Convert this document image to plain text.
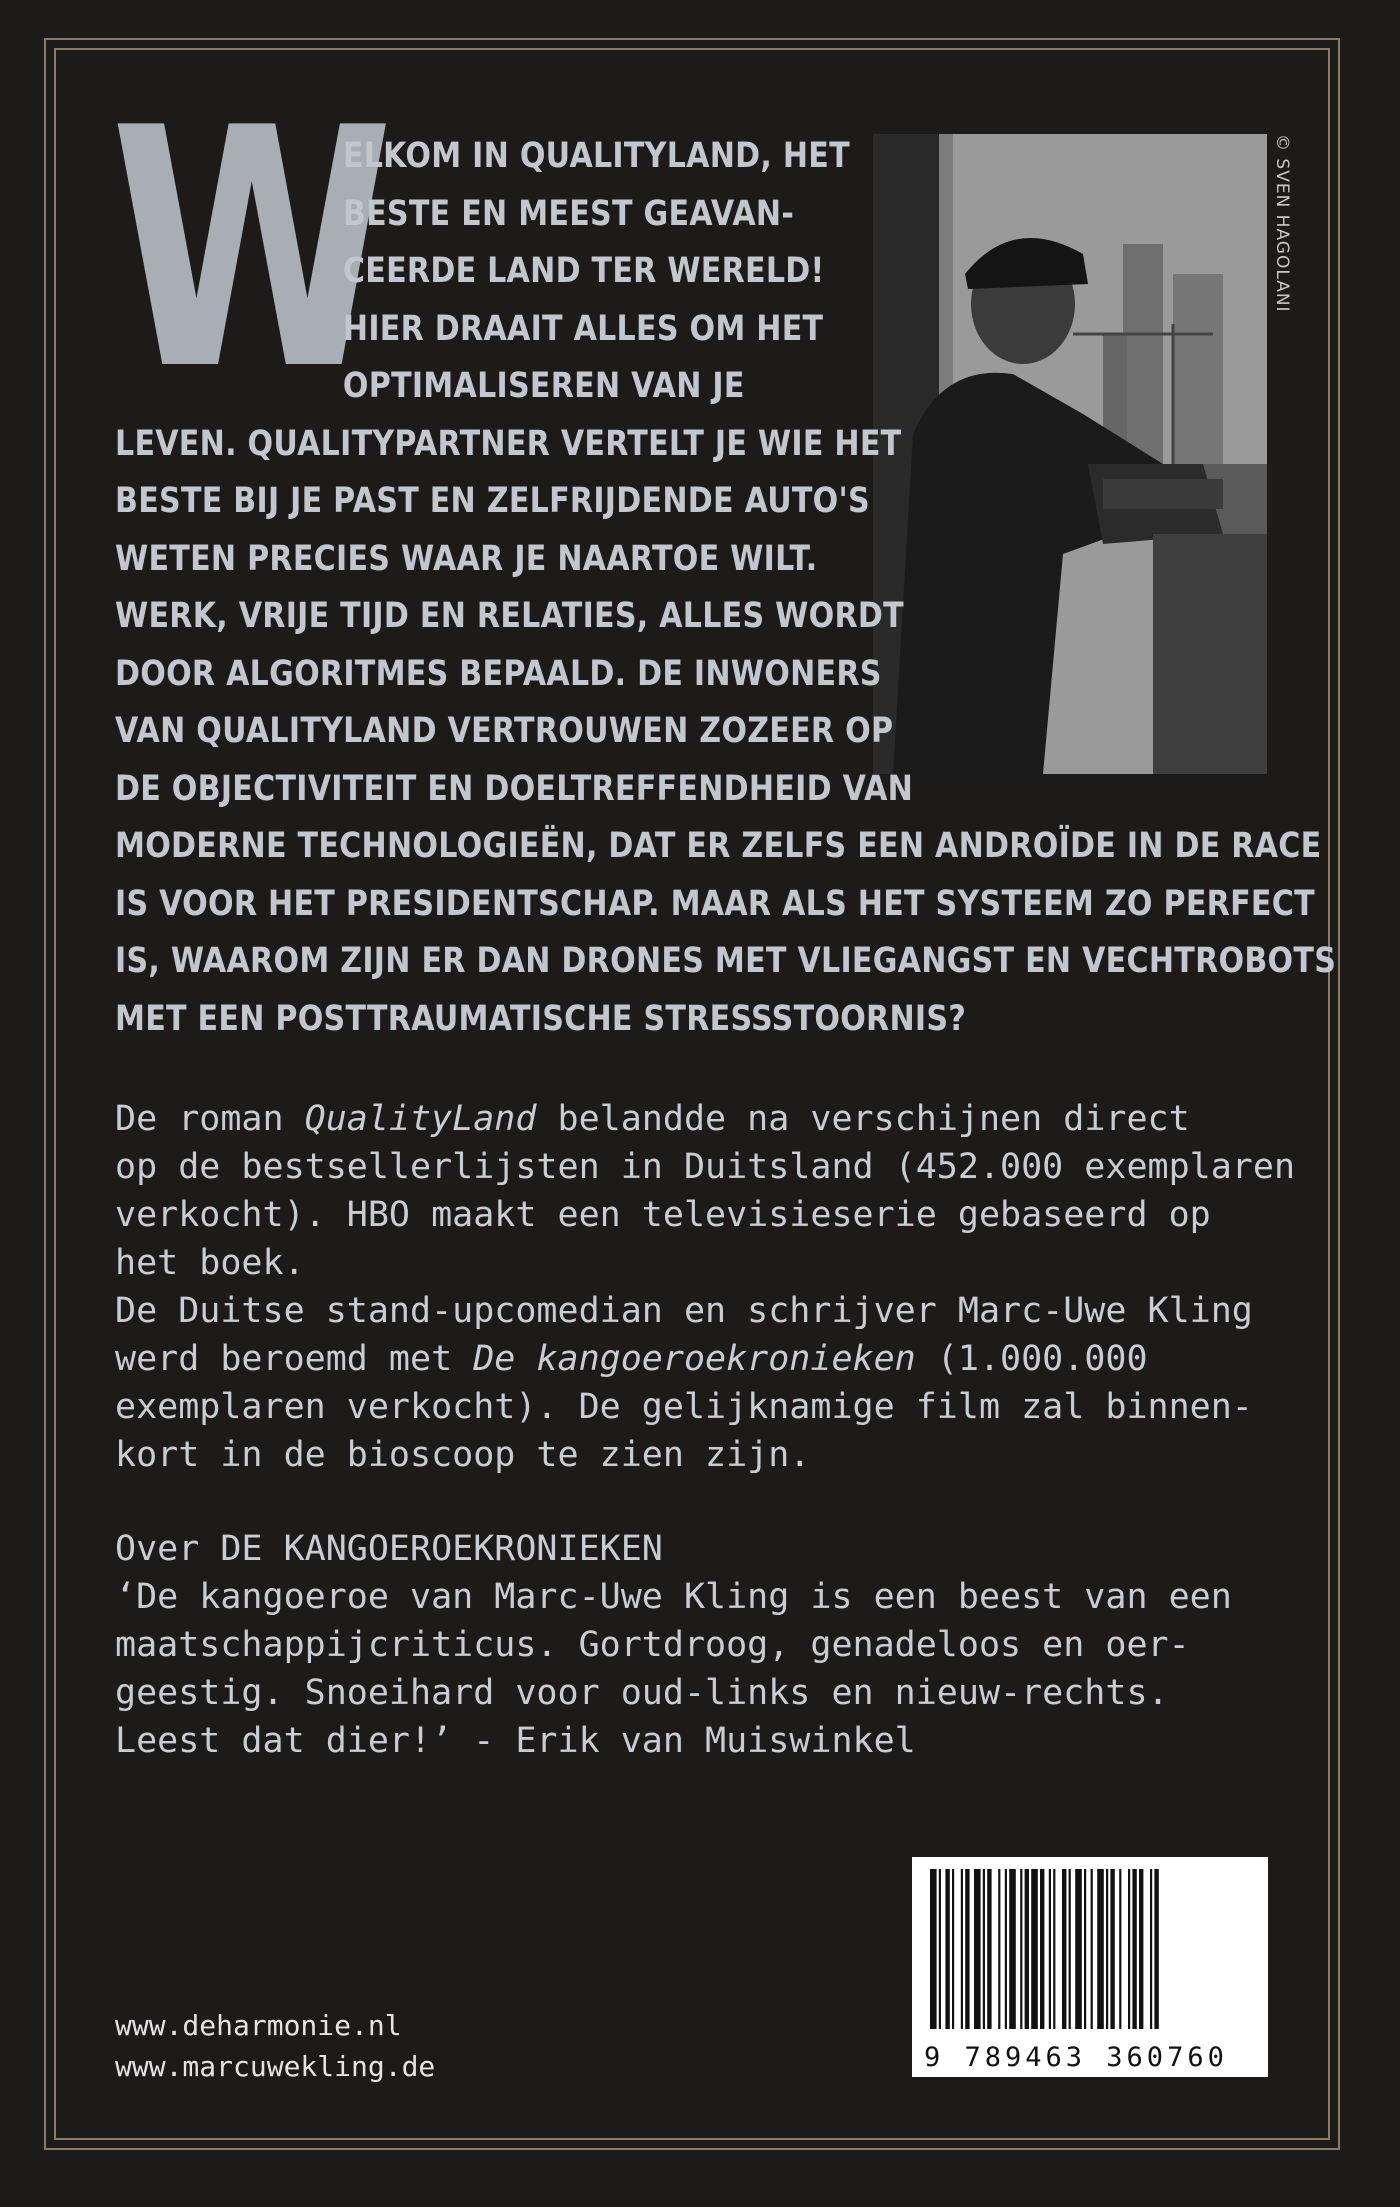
W	© SVEN HAGOLANI
ELKOM IN QUALITYLAND, HET
BESTE EN MEEST GEAVAN-
CEERDE LAND TER WERELD!
HIER DRAAIT ALLES OM HET
OPTIMALISEREN VAN JE
LEVEN. QUALITYPARTNER VERTELT JE WIE HET
BESTE BIJ JE PAST EN ZELFRIJDENDE AUTO'S
WETEN PRECIES WAAR JE NAARTOE WILT.
WERK, VRIJE TIJD EN RELATIES, ALLES WORDT
DOOR ALGORITMES BEPAALD. DE INWONERS
VAN QUALITYLAND VERTROUWEN ZOZEER OP
DE OBJECTIVITEIT EN DOELTREFFENDHEID VAN
MODERNE TECHNOLOGIEËN, DAT ER ZELFS EEN ANDROÏDE IN DE RACE
IS VOOR HET PRESIDENTSCHAP. MAAR ALS HET SYSTEEM ZO PERFECT
IS, WAAROM ZIJN ER DAN DRONES MET VLIEGANGST EN VECHTROBOTS
MET EEN POSTTRAUMATISCHE STRESSSTOORNIS?
De roman QualityLand belandde na verschijnen direct
op de bestsellerlijsten in Duitsland (452.000 exemplaren
verkocht). HBO maakt een televisieserie gebaseerd op
het boek.
De Duitse stand-upcomedian en schrijver Marc-Uwe Kling
werd beroemd met De kangoeroekronieken (1.000.000
exemplaren verkocht). De gelijknamige film zal binnen-
kort in de bioscoop te zien zijn.
Over DE KANGOEROEKRONIEKEN
‘De kangoeroe van Marc-Uwe Kling is een beest van een
maatschappijcriticus. Gortdroog, genadeloos en oer-
geestig. Snoeihard voor oud-links en nieuw-rechts.
Leest dat dier!’ - Erik van Muiswinkel
www.deharmonie.nl
www.marcuwekling.de	9 789463 360760
